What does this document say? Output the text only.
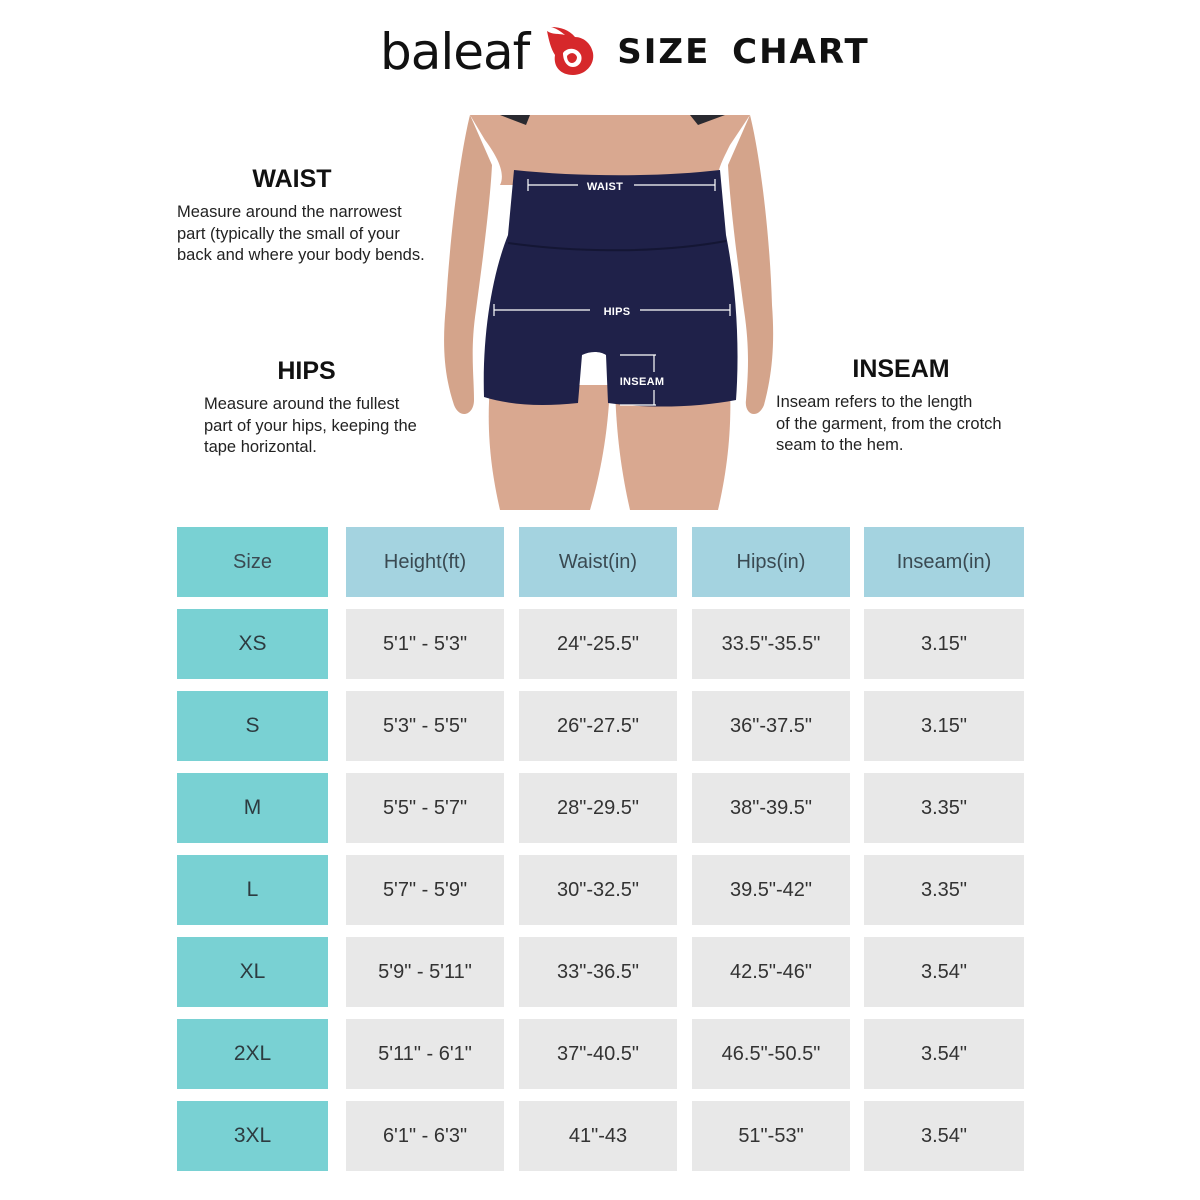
baleaf	SIZE CHART
WAIST
Measure around the narrowest
part (typically the small of your
back and where your body bends.
HIPS
Measure around the fullest
part of your hips, keeping the
tape horizontal.
INSEAM
Inseam refers to the length
of the garment, from the crotch
seam to the hem.
WAIST
HIPS
INSEAM
Size	Height(ft)	Waist(in)	Hips(in)	Inseam(in)
XS	5'1" - 5'3"	24"-25.5"	33.5"-35.5"	3.15"
S	5'3" - 5'5"	26"-27.5"	36"-37.5"	3.15"
M	5'5" - 5'7"	28"-29.5"	38"-39.5"	3.35"
L	5'7" - 5'9"	30"-32.5"	39.5"-42"	3.35"
XL	5'9" - 5'11"	33"-36.5"	42.5"-46"	3.54"
2XL	5'11" - 6'1"	37"-40.5"	46.5"-50.5"	3.54"
3XL	6'1" - 6'3"	41"-43	51"-53"	3.54"
